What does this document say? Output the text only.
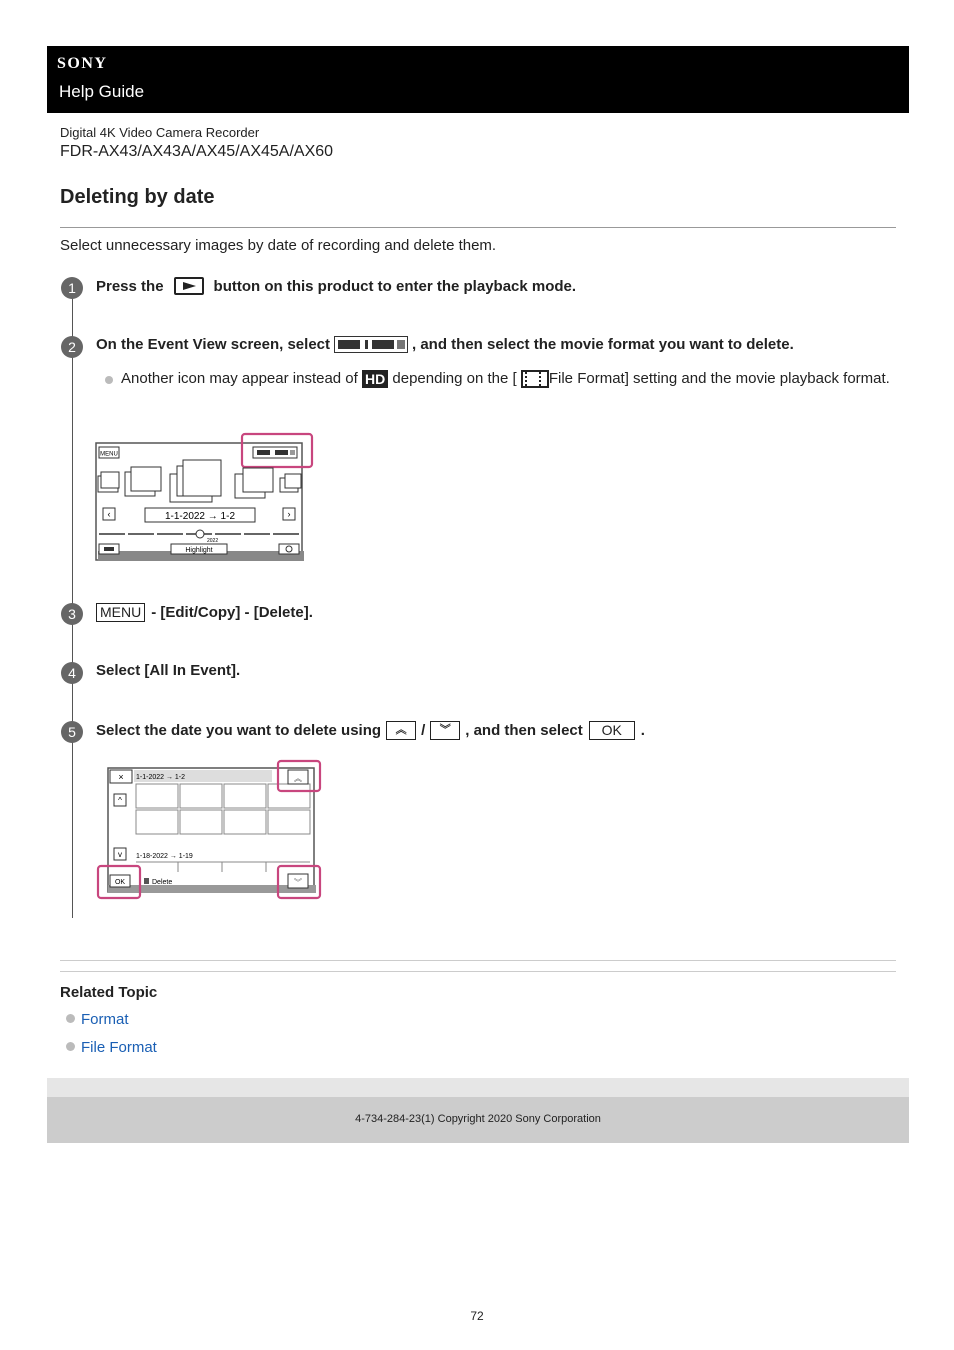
SONY
Help Guide
Digital 4K Video Camera Recorder
FDR-AX43/AX43A/AX45/AX45A/AX60
Deleting by date
Select unnecessary images by date of recording and delete them.
1	Press the	button on this product to enter the playback mode.
2	On the Event View screen, select	, and then select the movie format you want to delete.
Another icon may appear instead of HD depending on the [ File Format] setting and the movie playback format.
MENU
‹	›
1-1-2022 → 1-2
2022
Highlight
3	MENU - [Edit/Copy] - [Delete].
4	Select [All In Event].
5	Select the date you want to delete using	︽ /	︾ , and then select	OK	.
× 1-1-2022 → 1-2
^
v 1-18-2022 → 1-19
OK	Delete
︽
︾
Related Topic
Format
File Format
4-734-284-23(1) Copyright 2020 Sony Corporation
72
